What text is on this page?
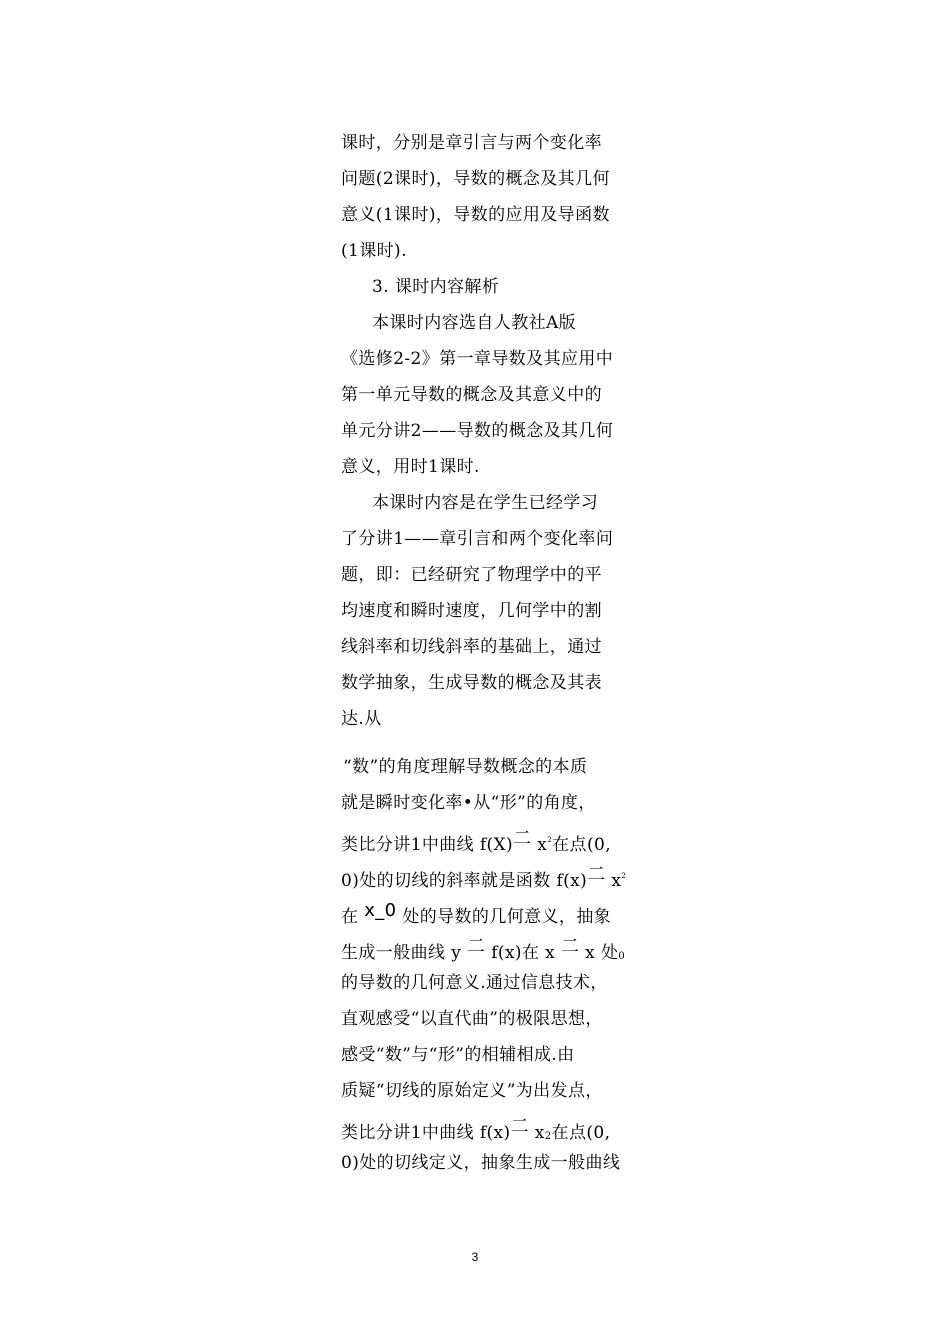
课时，分别是章引言与两个变化率
问题(2课时)，导数的概念及其几何
意义(1课时)，导数的应用及导函数
(1课时).
3. 课时内容解析
本课时内容选自人教社A版
《选修2-2》第一章导数及其应用中
第一单元导数的概念及其意义中的
单元分讲2——导数的概念及其几何
意义，用时1课时.
本课时内容是在学生已经学习
了分讲1——章引言和两个变化率问
题，即：已经研究了物理学中的平
均速度和瞬时速度，几何学中的割
线斜率和切线斜率的基础上，通过
数学抽象，生成导数的概念及其表
达.从
“数”的角度理解导数概念的本质
就是瞬时变化率•从“形”的角度，
类比分讲1中曲线 f(X)二 $x^2$在点(0,
0)处的切线的斜率就是函数 f(x)二 $x^2$
在 x_0 处的导数的几何意义，抽象
生成一般曲线 y 二 f(x)在 x 二 x 处0
的导数的几何意义.通过信息技术，
直观感受“以直代曲”的极限思想，
感受“数”与“形”的相辅相成.由
质疑“切线的原始定义”为出发点，
类比分讲1中曲线 f(x)二 x2在点(0,
0)处的切线定义，抽象生成一般曲线
3
